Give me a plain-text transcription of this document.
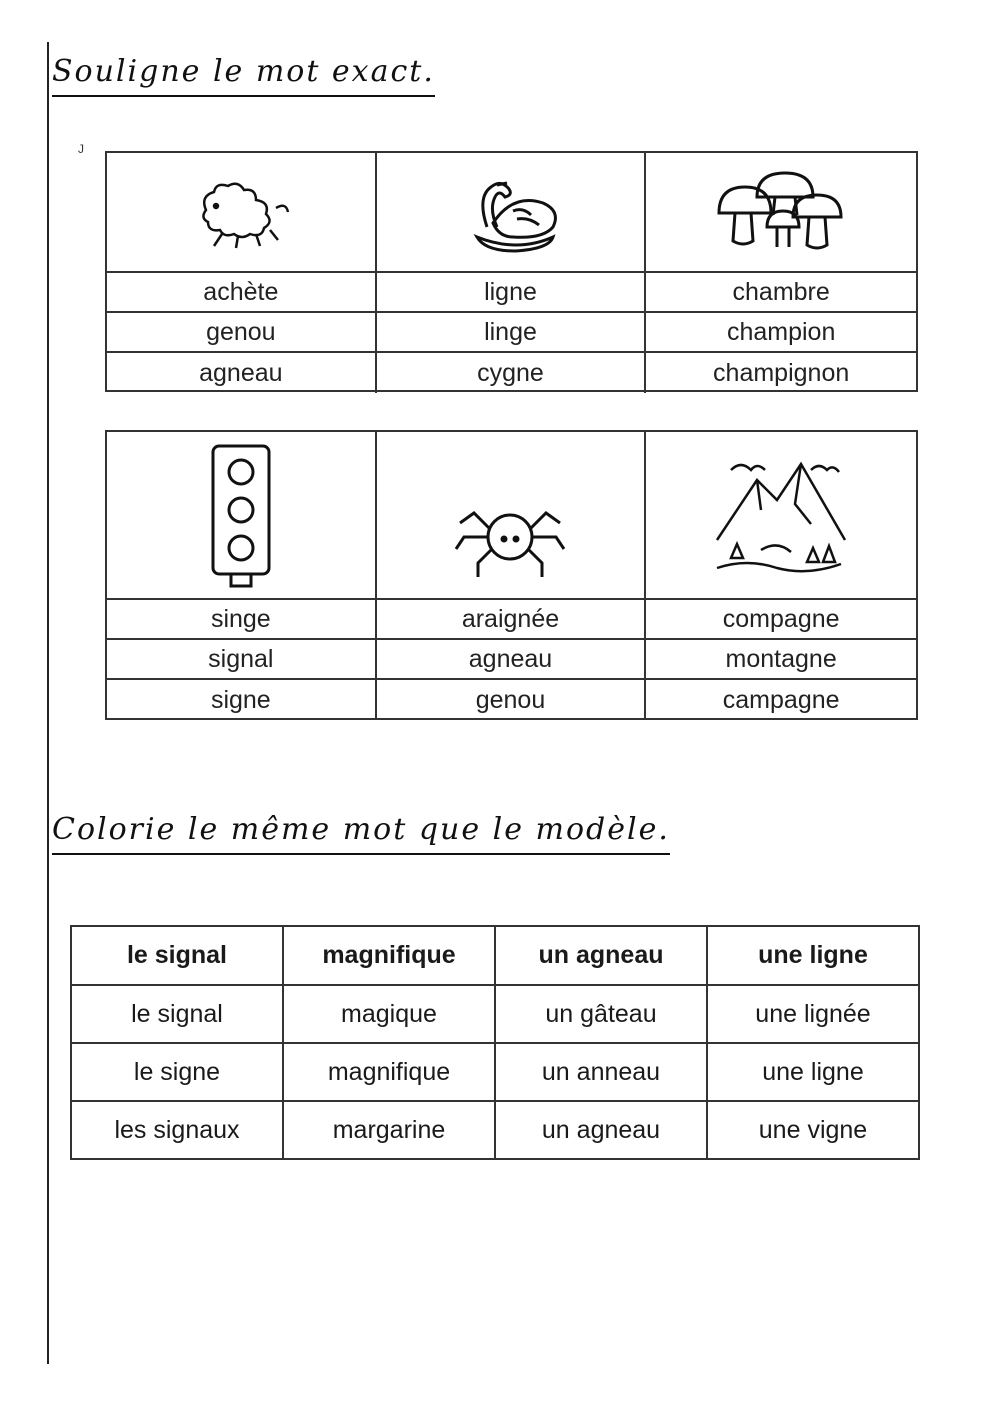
Souligne le mot exact.
J
achète	ligne	chambre
genou	linge	champion
agneau	cygne	champignon
singe	araignée	compagne
signal	agneau	montagne
signe	genou	campagne
Colorie le même mot que le modèle.
le signal	magnifique	un agneau	une ligne
le signal	magique	un gâteau	une lignée
le signe	magnifique	un anneau	une ligne
les signaux	margarine	un agneau	une vigne
